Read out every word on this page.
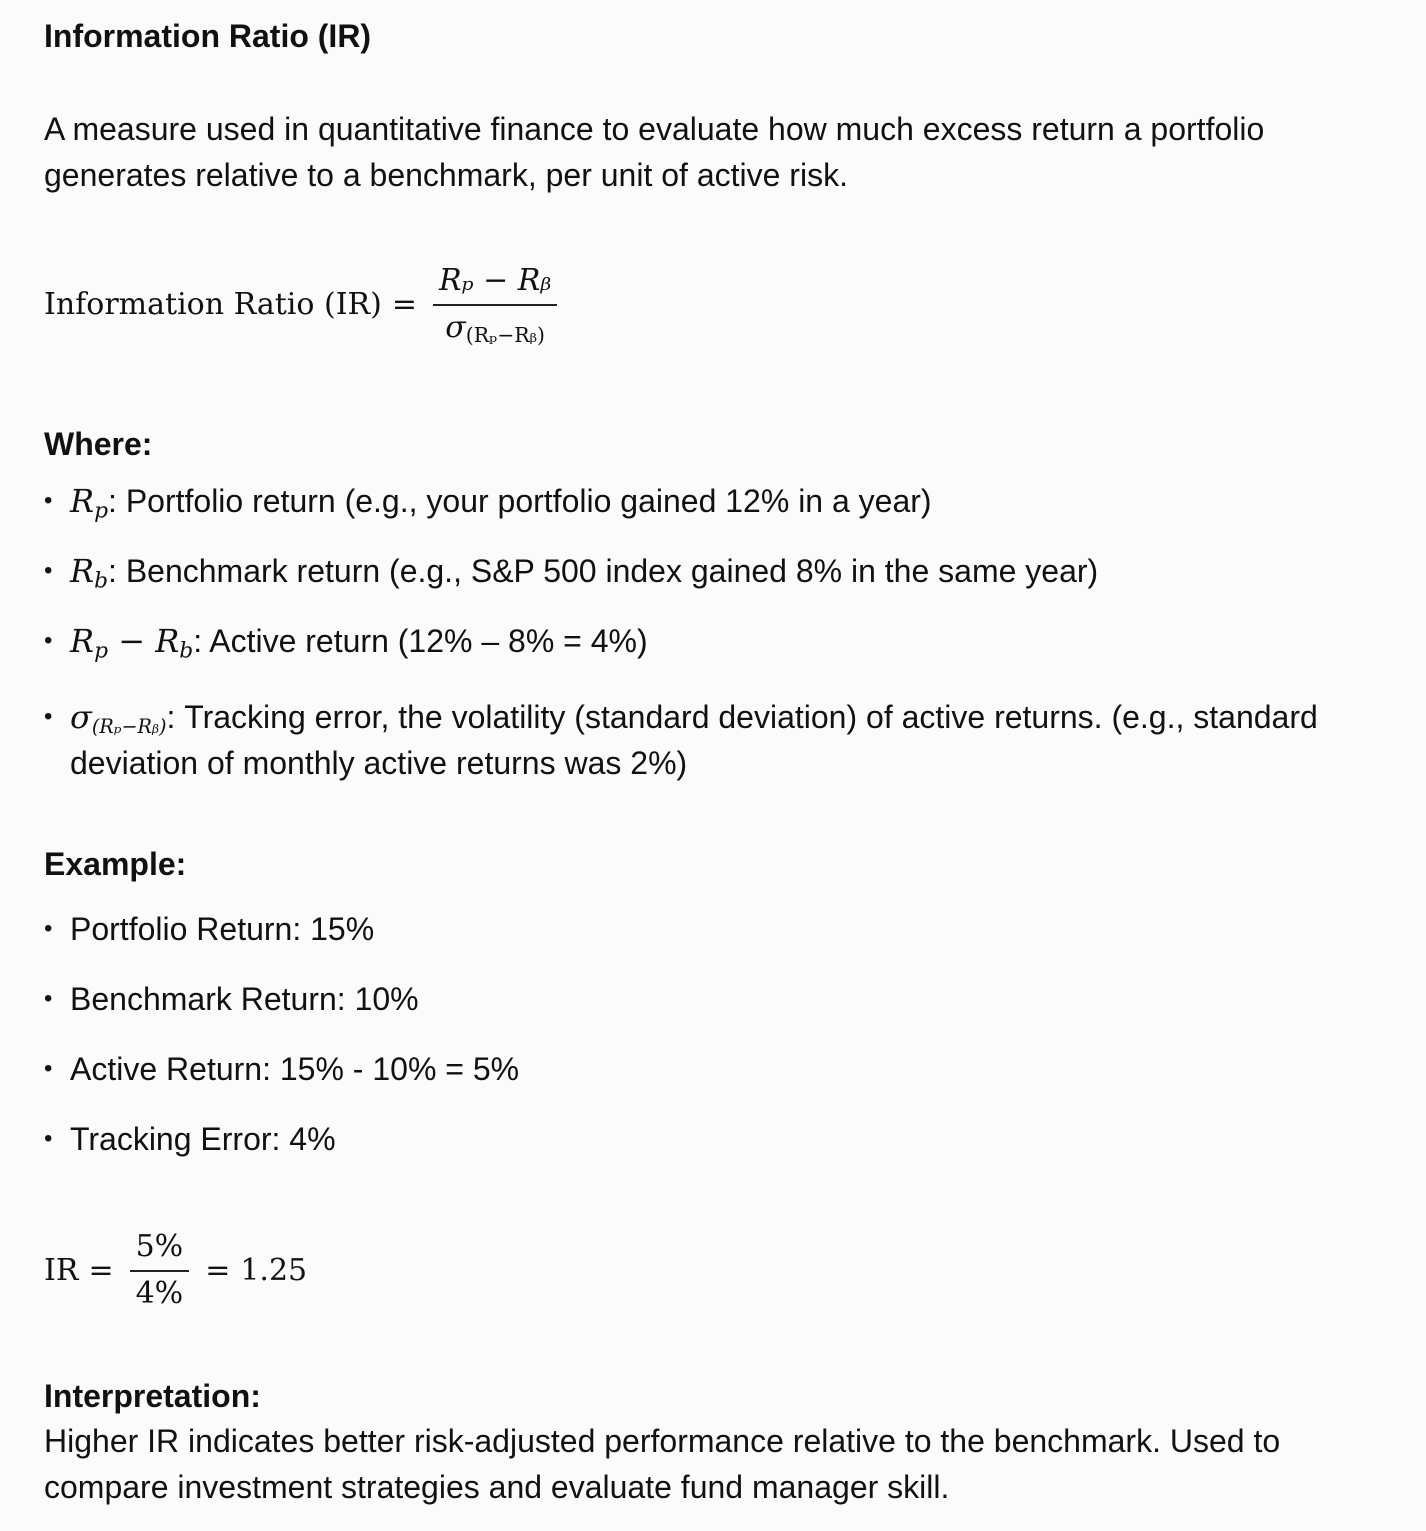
Information Ratio (IR)

A measure used in quantitative finance to evaluate how much excess return a portfolio generates relative to a benchmark, per unit of active risk.

Information Ratio $(IR) = \frac{\text{Rₚ − Rᵦ}}{\sigma_{(R_p-Rᵦ)}}$
Where:
• $R_p$: Portfolio return (e.g., your portfolio gained 12% in a year)
• $R_b$: Benchmark return (e.g., S&P 500 index gained 8% in the same year)
• $R_p - R_b$: Active return (12% – 8% = 4%)
• $\sigma_{(R_p-Rᵦ)}$: Tracking error, the volatility (standard deviation) of active returns. (e.g., standard deviation of monthly active returns was 2%)
Example:
• Portfolio Return: 15%
• Benchmark Return: 10%
• Active Return: 15% - 10% = 5%
• Tracking Error: 4%
IR = $\frac{5\%}{4\%} = 1.25$
Interpretation:

Higher IR indicates better risk-adjusted performance relative to the benchmark. Used to compare investment strategies and evaluate fund manager skill.
